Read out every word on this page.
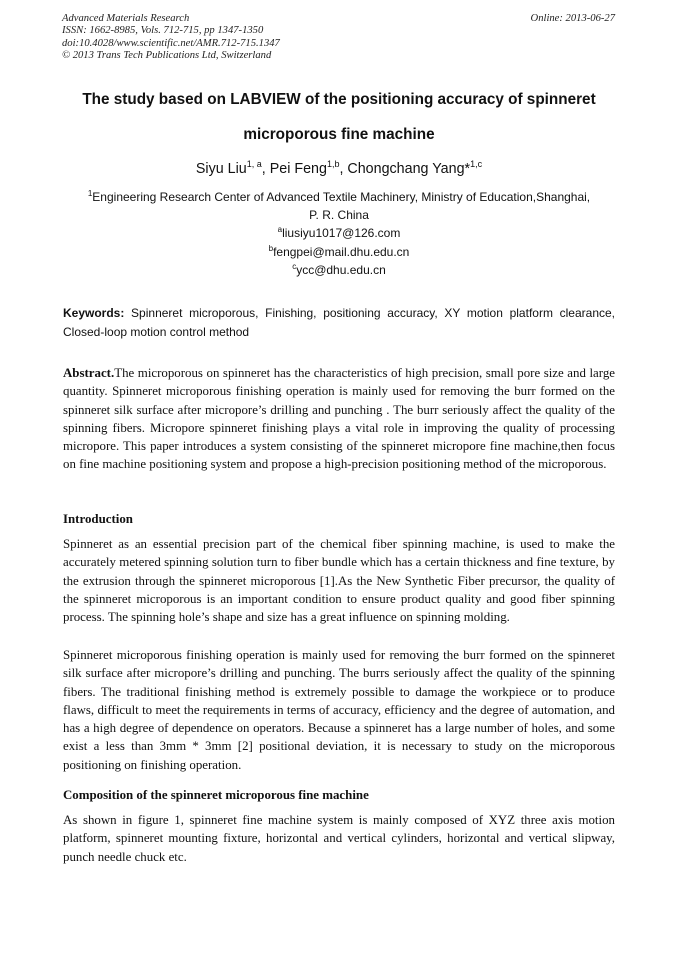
Advanced Materials Research
ISSN: 1662-8985, Vols. 712-715, pp 1347-1350
doi:10.4028/www.scientific.net/AMR.712-715.1347
© 2013 Trans Tech Publications Ltd, Switzerland
Online: 2013-06-27
The study based on LABVIEW of the positioning accuracy of spinneret
microporous fine machine
Siyu Liu$^{1, a}$, Pei Feng$^{1,b}$, Chongchang Yang*$^{1,c}$
$^1$Engineering Research Center of Advanced Textile Machinery, Ministry of Education,Shanghai,
P. R. China
$^a$liusiyu1017@126.com
$^b$fengpei@mail.dhu.edu.cn
$^c$ycc@dhu.edu.cn
Keywords: Spinneret microporous, Finishing, positioning accuracy, XY motion platform clearance, Closed-loop motion control method
Abstract.The microporous on spinneret has the characteristics of high precision, small pore size and large quantity. Spinneret microporous finishing operation is mainly used for removing the burr formed on the spinneret silk surface after micropore’s drilling and punching . The burr seriously affect the quality of the spinning fibers. Micropore spinneret finishing plays a vital role in improving the quality of processing micropore. This paper introduces a system consisting of the spinneret micropore fine machine,then focus on fine machine positioning system and propose a high-precision positioning method of the microporous.
Introduction
Spinneret as an essential precision part of the chemical fiber spinning machine, is used to make the accurately metered spinning solution turn to fiber bundle which has a certain thickness and fine texture, by the extrusion through the spinneret microporous [1].As the New Synthetic Fiber precursor, the quality of the spinneret microporous is an important condition to ensure product quality and good fiber spinning process. The spinning hole’s shape and size has a great influence on spinning molding.
Spinneret microporous finishing operation is mainly used for removing the burr formed on the spinneret silk surface after micropore’s drilling and punching. The burrs seriously affect the quality of the spinning fibers. The traditional finishing method is extremely possible to damage the workpiece or to produce flaws, difficult to meet the requirements in terms of accuracy, efficiency and the degree of automation, and has a high degree of dependence on operators. Because a spinneret has a large number of holes, and some exist a less than 3mm * 3mm [2] positional deviation, it is necessary to study on the microporous positioning on finishing operation.
Composition of the spinneret microporous fine machine
As shown in figure 1, spinneret fine machine system is mainly composed of XYZ three axis motion platform, spinneret mounting fixture, horizontal and vertical cylinders, horizontal and vertical slipway, punch needle chuck etc.
